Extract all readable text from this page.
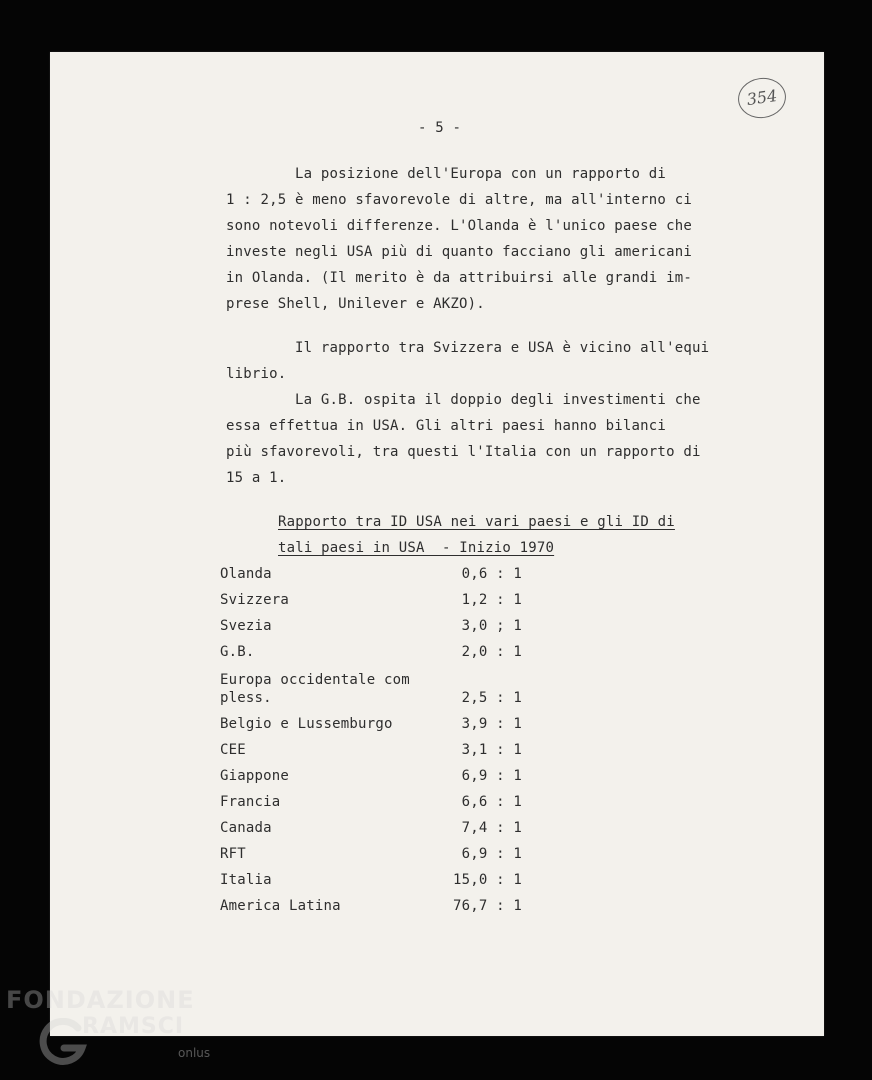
354
- 5 -
La posizione dell'Europa con un rapporto di
1 : 2,5 è meno sfavorevole di altre, ma all'interno ci
sono notevoli differenze. L'Olanda è l'unico paese che
investe negli USA più di quanto facciano gli americani
in Olanda. (Il merito è da attribuirsi alle grandi im-
prese Shell, Unilever e AKZO).
Il rapporto tra Svizzera e USA è vicino all'equi
librio.
La G.B. ospita il doppio degli investimenti che
essa effettua in USA. Gli altri paesi hanno bilanci
più sfavorevoli, tra questi l'Italia con un rapporto di
15 a 1.
Rapporto tra ID USA nei vari paesi e gli ID di
tali paesi in USA  - Inizio 1970
Olanda	0,6 : 1
Svizzera	1,2 : 1
Svezia	3,0 ; 1
G.B.	2,0 : 1
Europa occidentale com
pless.	2,5 : 1
Belgio e Lussemburgo	3,9 : 1
CEE	3,1 : 1
Giappone	6,9 : 1
Francia	6,6 : 1
Canada	7,4 : 1
RFT	6,9 : 1
Italia	15,0 : 1
America Latina	76,7 : 1
FONDAZIONE
RAMSCI
onlus
